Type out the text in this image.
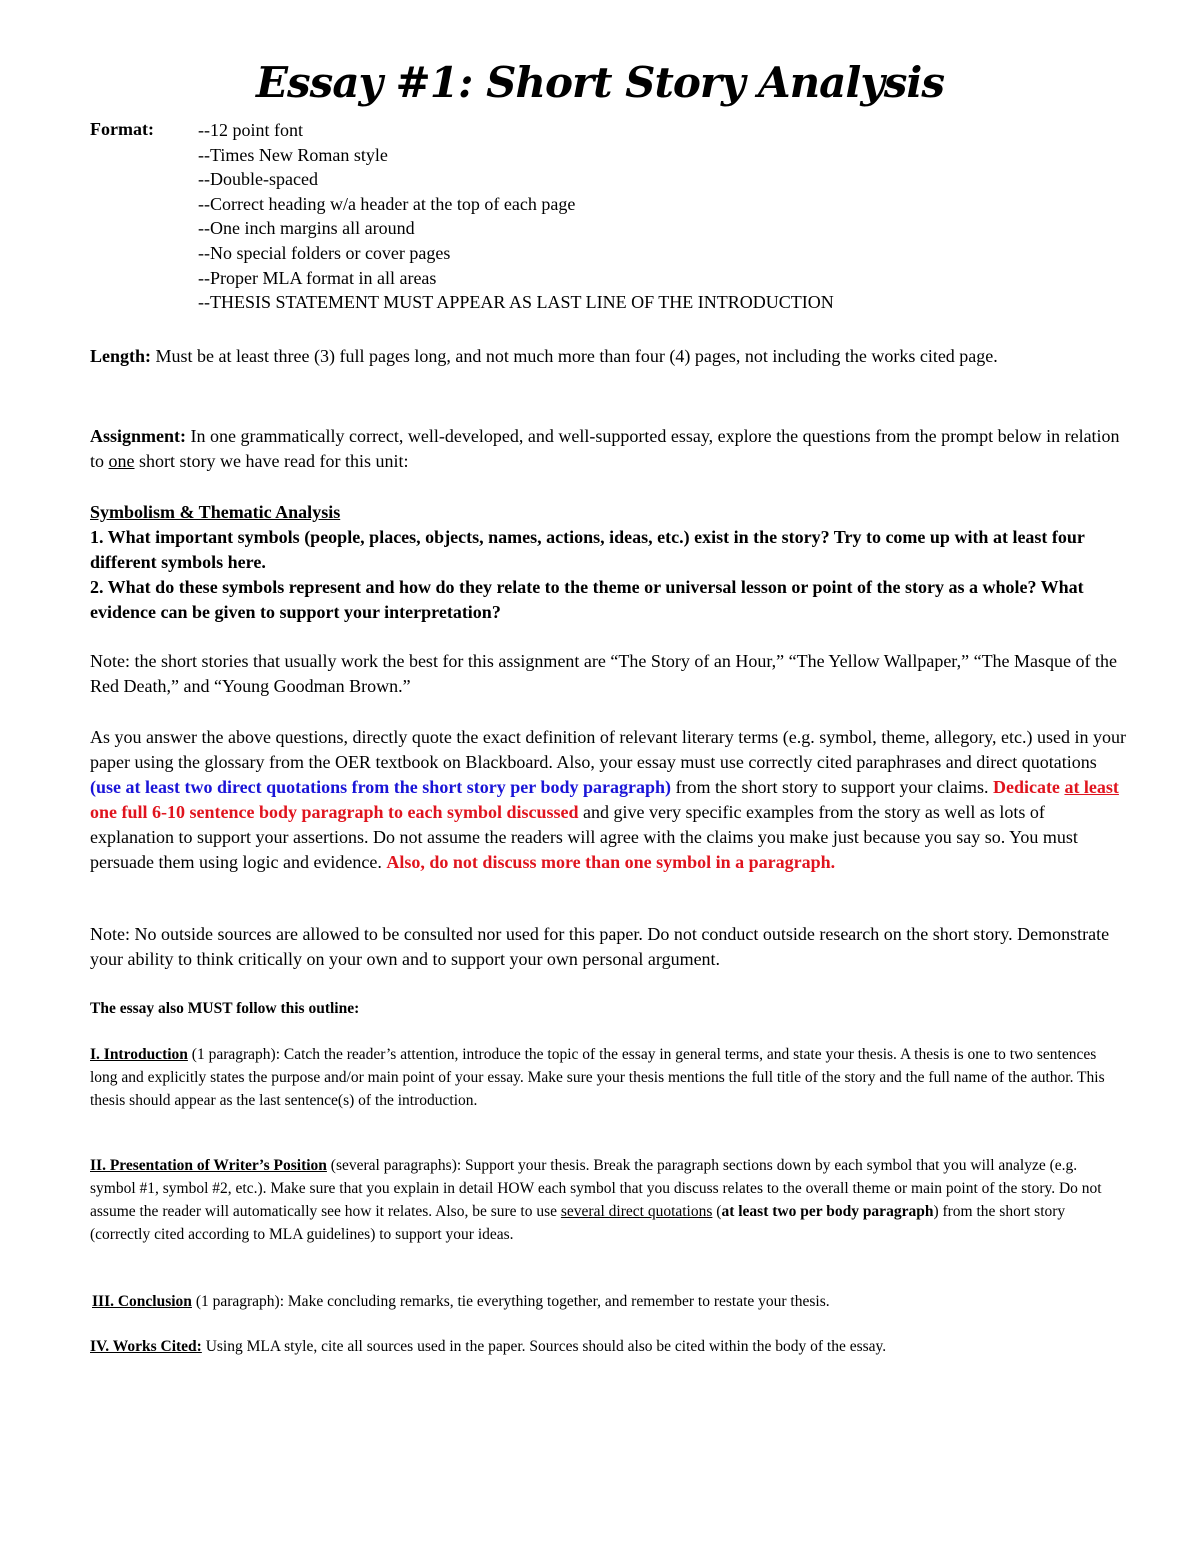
Essay #1: Short Story Analysis
Format: --12 point font
--Times New Roman style
--Double-spaced
--Correct heading w/a header at the top of each page
--One inch margins all around
--No special folders or cover pages
--Proper MLA format in all areas
--THESIS STATEMENT MUST APPEAR AS LAST LINE OF THE INTRODUCTION

Length: Must be at least three (3) full pages long, and not much more than four (4) pages, not including the works cited page.

Assignment: In one grammatically correct, well-developed, and well-supported essay, explore the questions from the prompt below in relation to one short story we have read for this unit:

Symbolism & Thematic Analysis
1. What important symbols (people, places, objects, names, actions, ideas, etc.) exist in the story? Try to come up with at least four different symbols here.
2. What do these symbols represent and how do they relate to the theme or universal lesson or point of the story as a whole? What evidence can be given to support your interpretation?

Note: the short stories that usually work the best for this assignment are “The Story of an Hour,” “The Yellow Wallpaper,” “The Masque of the Red Death,” and “Young Goodman Brown.”

As you answer the above questions, directly quote the exact definition of relevant literary terms (e.g. symbol, theme, allegory, etc.) used in your paper using the glossary from the OER textbook on Blackboard. Also, your essay must use correctly cited paraphrases and direct quotations (use at least two direct quotations from the short story per body paragraph) from the short story to support your claims. Dedicate at least one full 6-10 sentence body paragraph to each symbol discussed and give very specific examples from the story as well as lots of explanation to support your assertions. Do not assume the readers will agree with the claims you make just because you say so. You must persuade them using logic and evidence. Also, do not discuss more than one symbol in a paragraph.

Note: No outside sources are allowed to be consulted nor used for this paper. Do not conduct outside research on the short story. Demonstrate your ability to think critically on your own and to support your own personal argument.

The essay also MUST follow this outline:

I. Introduction (1 paragraph): Catch the reader’s attention, introduce the topic of the essay in general terms, and state your thesis. A thesis is one to two sentences long and explicitly states the purpose and/or main point of your essay. Make sure your thesis mentions the full title of the story and the full name of the author. This thesis should appear as the last sentence(s) of the introduction.

II. Presentation of Writer’s Position (several paragraphs): Support your thesis. Break the paragraph sections down by each symbol that you will analyze (e.g. symbol #1, symbol #2, etc.). Make sure that you explain in detail HOW each symbol that you discuss relates to the overall theme or main point of the story. Do not assume the reader will automatically see how it relates. Also, be sure to use several direct quotations (at least two per body paragraph) from the short story (correctly cited according to MLA guidelines) to support your ideas.

III. Conclusion (1 paragraph): Make concluding remarks, tie everything together, and remember to restate your thesis.

IV. Works Cited: Using MLA style, cite all sources used in the paper. Sources should also be cited within the body of the essay.
